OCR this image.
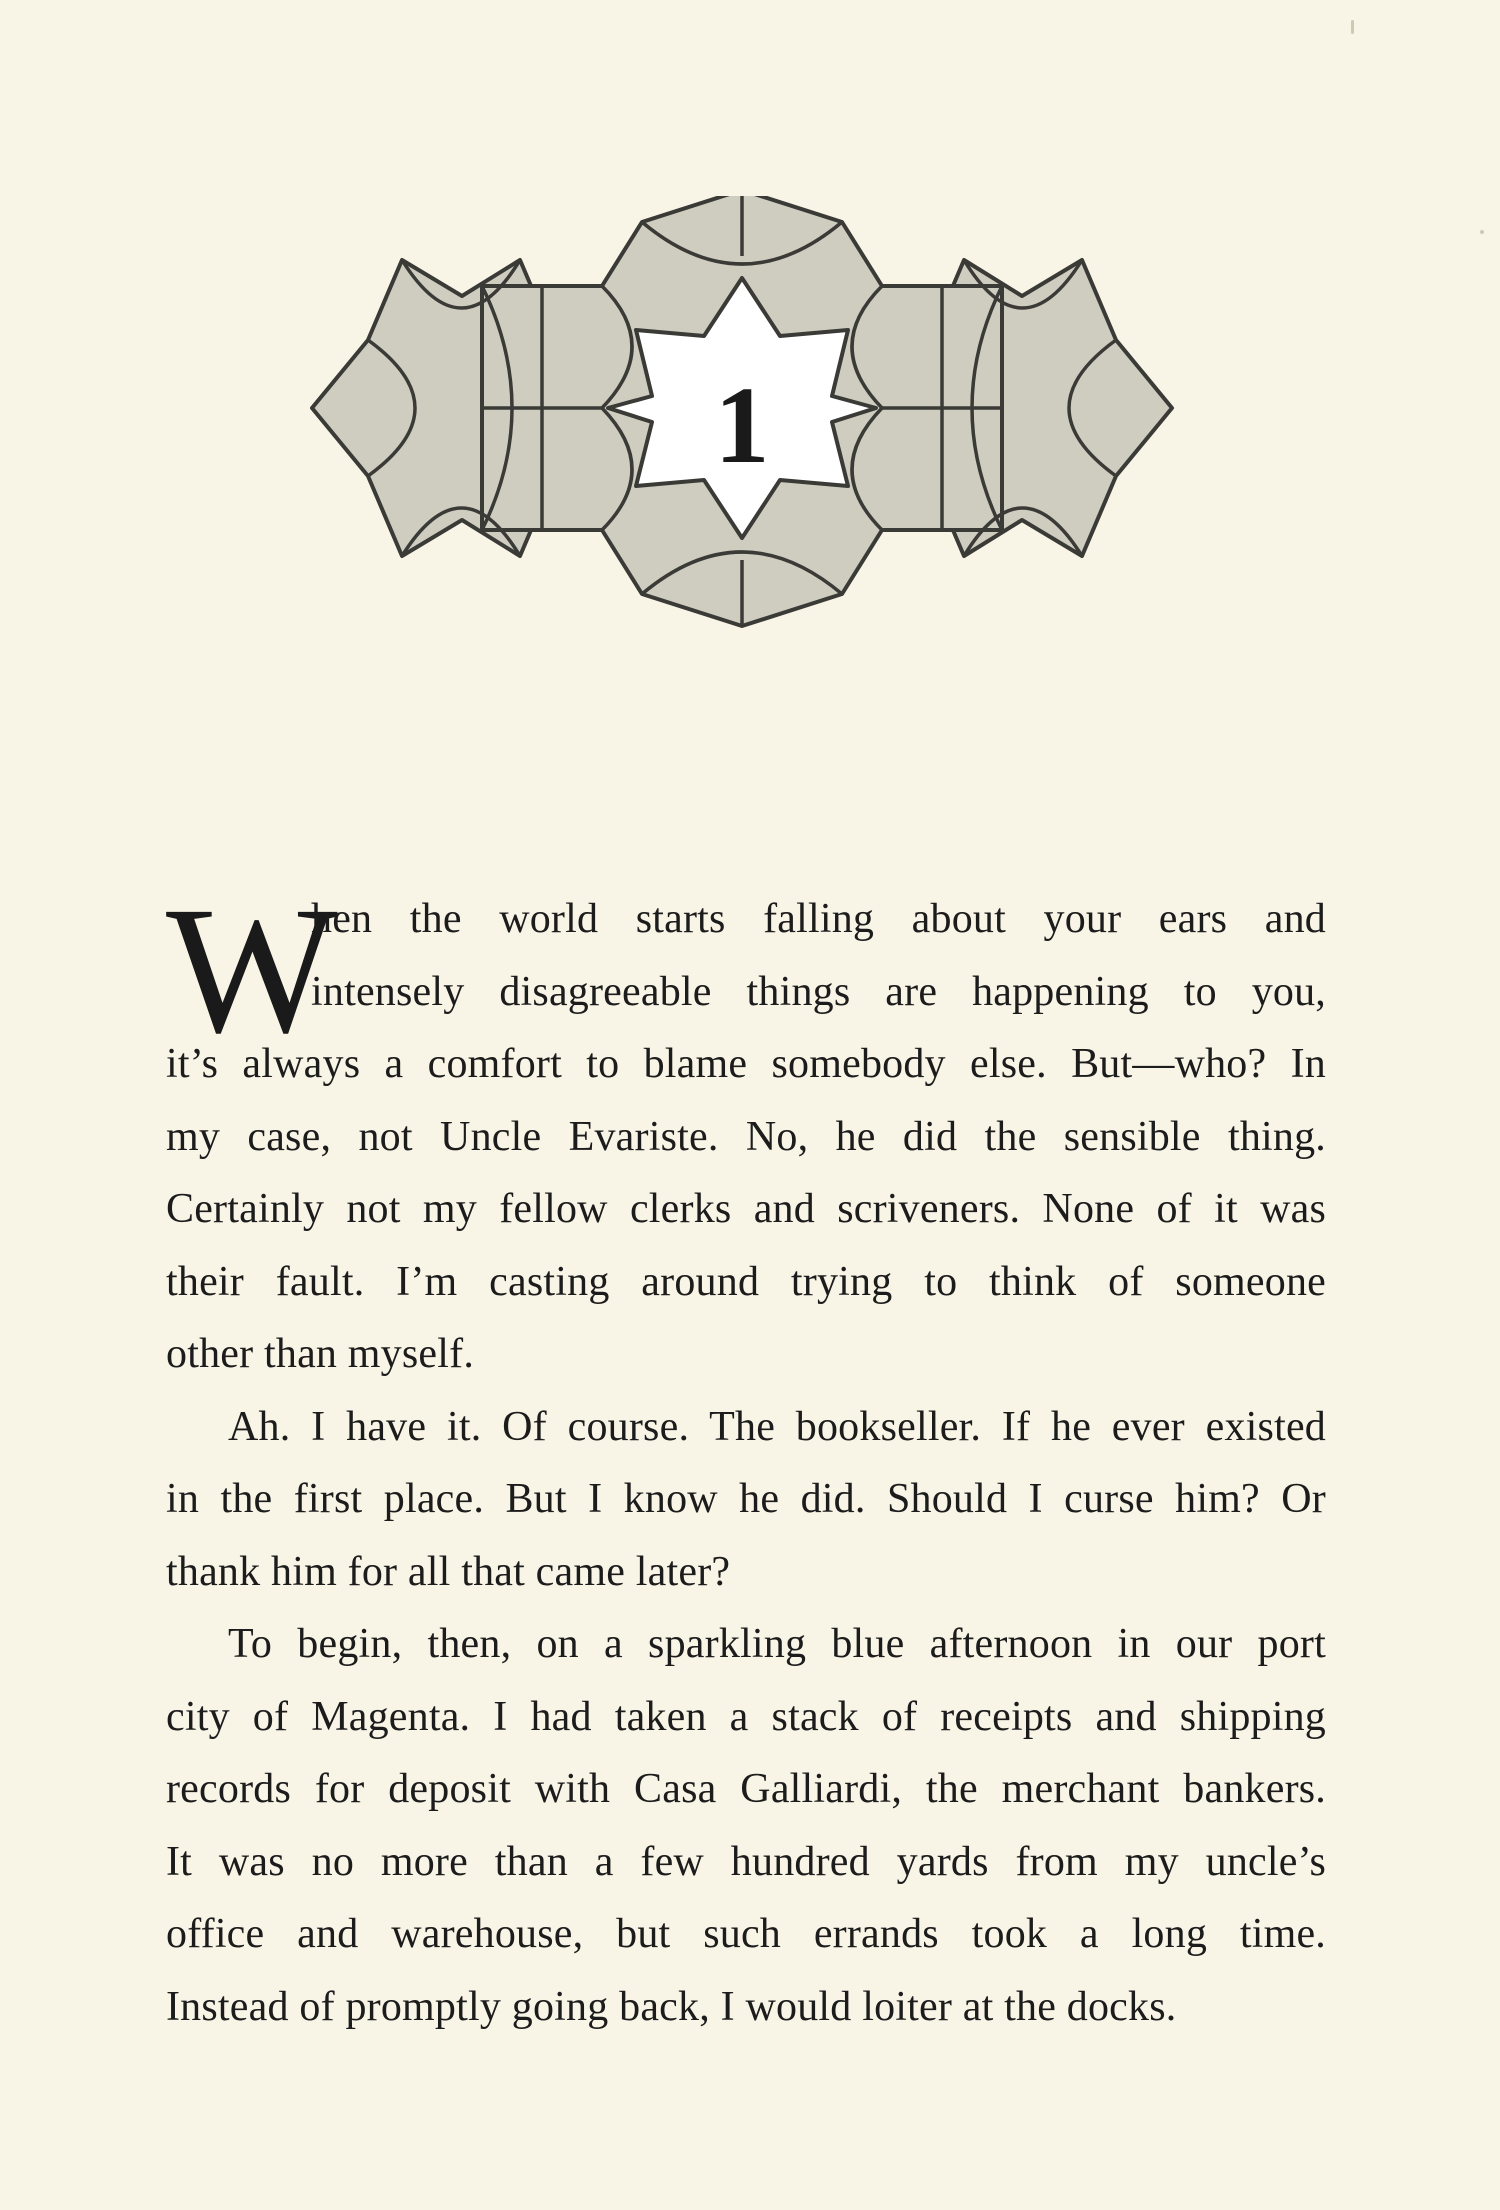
1
W
hen the world starts falling about your ears and
intensely disagreeable things are happening to you,
it’s always a comfort to blame somebody else. But—who? In
my case, not Uncle Evariste. No, he did the sensible thing.
Certainly not my fellow clerks and scriveners. None of it was
their fault. I’m casting around trying to think of someone
other than myself.
Ah. I have it. Of course. The bookseller. If he ever existed
in the first place. But I know he did. Should I curse him? Or
thank him for all that came later?
To begin, then, on a sparkling blue afternoon in our port
city of Magenta. I had taken a stack of receipts and shipping
records for deposit with Casa Galliardi, the merchant bankers.
It was no more than a few hundred yards from my uncle’s
office and warehouse, but such errands took a long time.
Instead of promptly going back, I would loiter at the docks.
